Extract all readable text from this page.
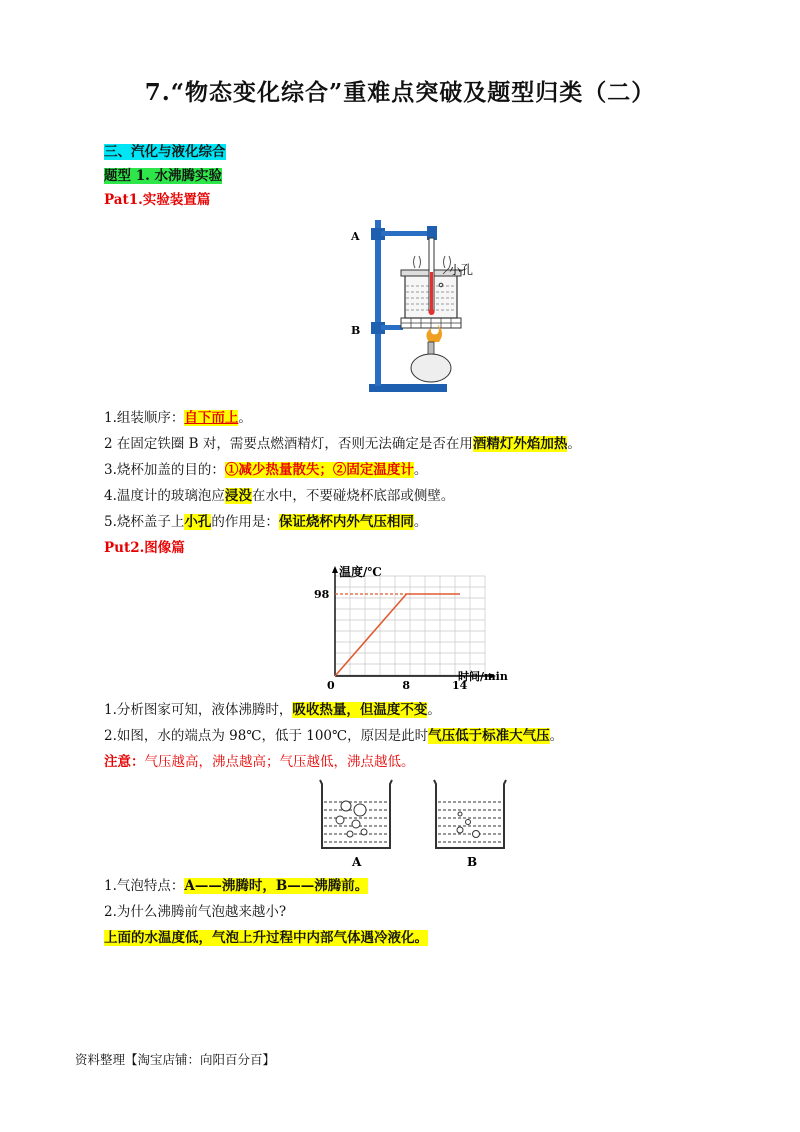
7.“物态变化综合”重难点突破及题型归类（二）
三、汽化与液化综合
题型 1. 水沸腾实验
Pat1.实验装置篇
A
B
小孔
1.组装顺序：自下而上。
2 在固定铁圈 B 对，需要点燃酒精灯，否则无法确定是否在用酒精灯外焰加热。
3.烧杯加盖的目的：①减少热量散失；②固定温度计。
4.温度计的玻璃泡应浸没在水中，不要碰烧杯底部或侧壁。
5.烧杯盖子上小孔的作用是：保证烧杯内外气压相同。
Put2.图像篇
温度/℃
时间/min
0	8	14
98
1.分析图家可知，液体沸腾时，吸收热量，但温度不变。
2.如图，水的端点为 98℃，低于 100℃，原因是此时气压低于标准大气压。
注意：气压越高，沸点越高；气压越低，沸点越低。
A	B
1.气泡特点：A——沸腾时，B——沸腾前。
2.为什么沸腾前气泡越来越小?
上面的水温度低，气泡上升过程中内部气体遇冷液化。
资料整理【淘宝店铺：向阳百分百】
